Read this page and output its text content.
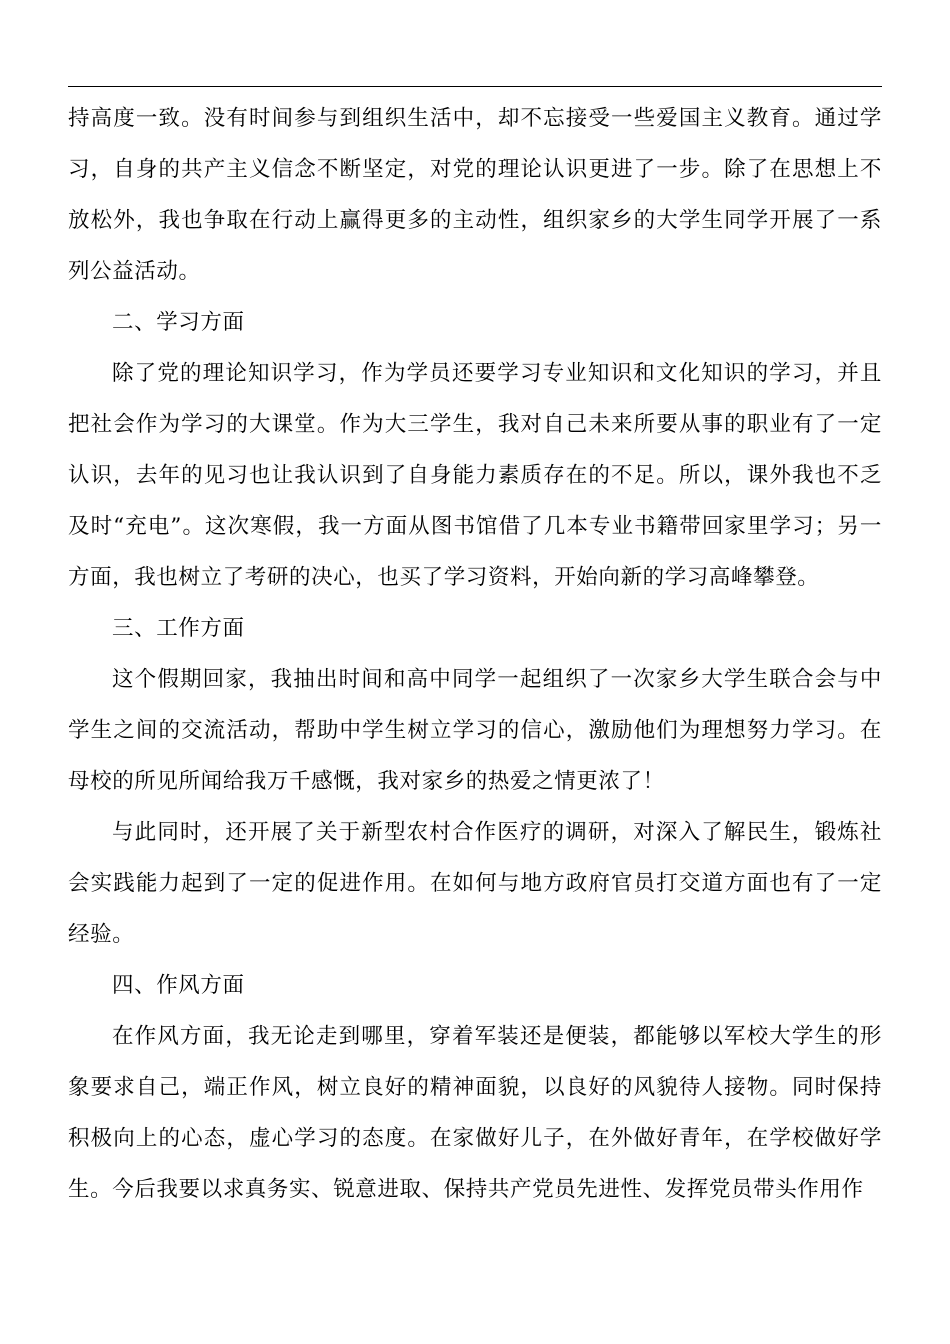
持高度一致。没有时间参与到组织生活中，却不忘接受一些爱国主义教育。通过学习，自身的共产主义信念不断坚定，对党的理论认识更进了一步。除了在思想上不放松外，我也争取在行动上赢得更多的主动性，组织家乡的大学生同学开展了一系列公益活动。

二、学习方面

除了党的理论知识学习，作为学员还要学习专业知识和文化知识的学习，并且把社会作为学习的大课堂。作为大三学生，我对自己未来所要从事的职业有了一定认识，去年的见习也让我认识到了自身能力素质存在的不足。所以，课外我也不乏及时“充电”。这次寒假，我一方面从图书馆借了几本专业书籍带回家里学习；另一方面，我也树立了考研的决心，也买了学习资料，开始向新的学习高峰攀登。

三、工作方面

这个假期回家，我抽出时间和高中同学一起组织了一次家乡大学生联合会与中学生之间的交流活动，帮助中学生树立学习的信心，激励他们为理想努力学习。在母校的所见所闻给我万千感慨，我对家乡的热爱之情更浓了！

与此同时，还开展了关于新型农村合作医疗的调研，对深入了解民生，锻炼社会实践能力起到了一定的促进作用。在如何与地方政府官员打交道方面也有了一定经验。

四、作风方面

在作风方面，我无论走到哪里，穿着军装还是便装，都能够以军校大学生的形象要求自己，端正作风，树立良好的精神面貌，以良好的风貌待人接物。同时保持积极向上的心态，虚心学习的态度。在家做好儿子，在外做好青年，在学校做好学生。今后我要以求真务实、锐意进取、保持共产党员先进性、发挥党员带头作用作
